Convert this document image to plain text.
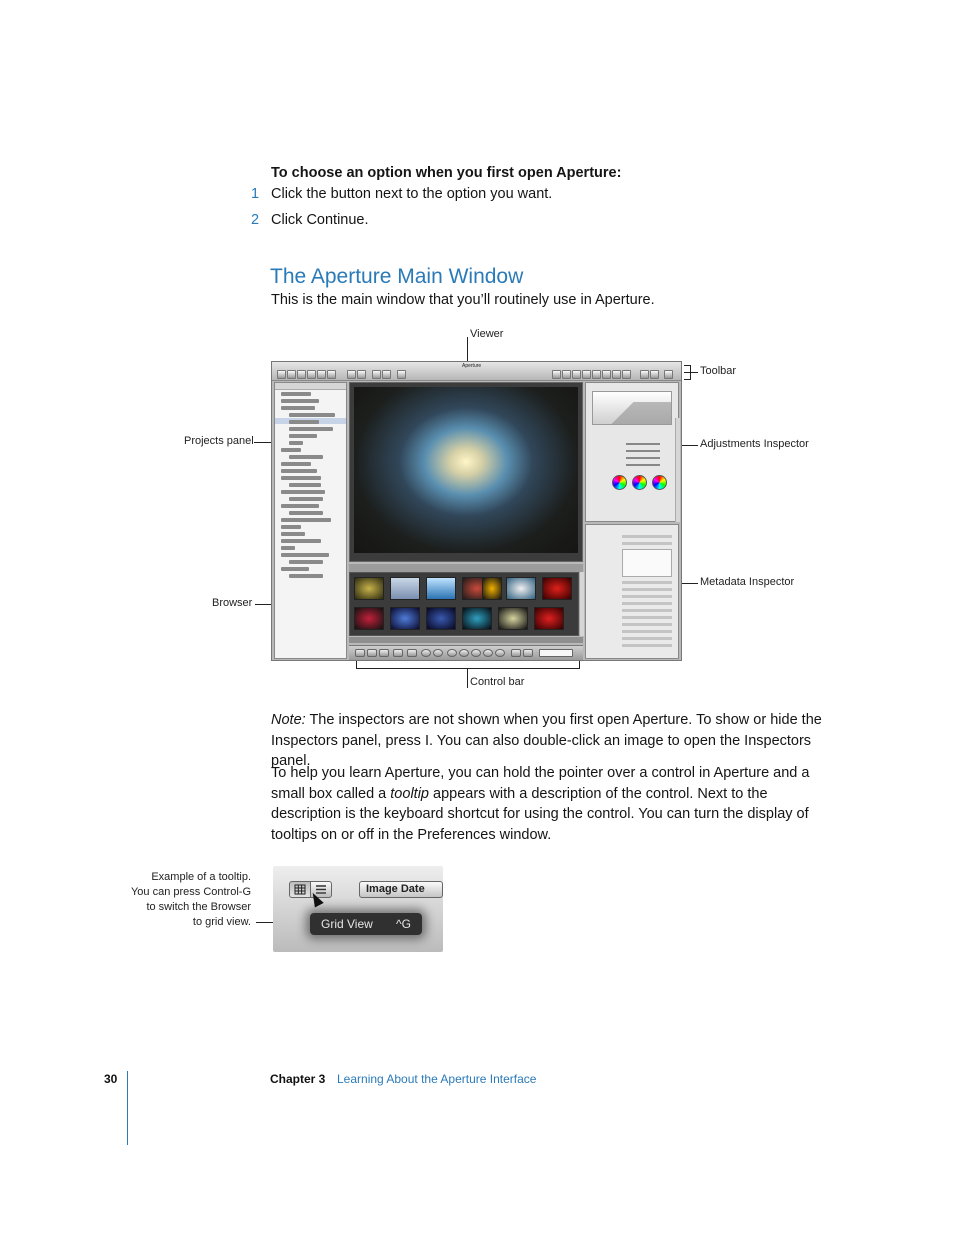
To choose an option when you first open Aperture:
1 Click the button next to the option you want.
2 Click Continue.
The Aperture Main Window
This is the main window that you’ll routinely use in Aperture.
Viewer
Toolbar
Projects panel	Adjustments Inspector
Metadata Inspector
Browser
Control bar
Aperture
Note: The inspectors are not shown when you first open Aperture. To show or hide the Inspectors panel, press I. You can also double-click an image to open the Inspectors panel.
To help you learn Aperture, you can hold the pointer over a control in Aperture and a small box called a tooltip appears with a description of the control. Next to the description is the keyboard shortcut for using the control. You can turn the display of tooltips on or off in the Preferences window.
Example of a tooltip.
You can press Control-G
to switch the Browser
to grid view.
Image Date
Grid View ^G
30	Chapter 3 Learning About the Aperture Interface
